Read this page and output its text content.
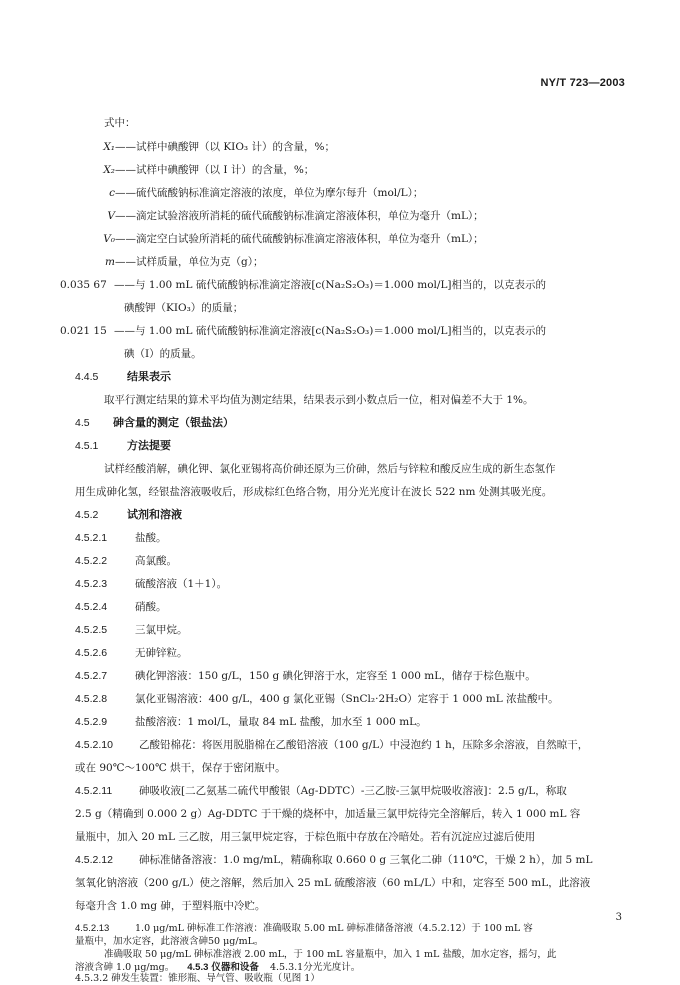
NY/T 723—2003
式中：
X₁——试样中碘酸钾（以 KIO₃ 计）的含量，%；
X₂——试样中碘酸钾（以 I 计）的含量，%；
c——硫代硫酸钠标准滴定溶液的浓度，单位为摩尔每升（mol/L）；
V——滴定试验溶液所消耗的硫代硫酸钠标准滴定溶液体积，单位为毫升（mL）；
V₀——滴定空白试验所消耗的硫代硫酸钠标准滴定溶液体积，单位为毫升（mL）；
m——试样质量，单位为克（g）；
0.035 67 ——与 1.00 mL 硫代硫酸钠标准滴定溶液[c(Na₂S₂O₃)＝1.000 mol/L]相当的，以克表示的
碘酸钾（KIO₃）的质量；
0.021 15 ——与 1.00 mL 硫代硫酸钠标准滴定溶液[c(Na₂S₂O₃)＝1.000 mol/L]相当的，以克表示的
碘（I）的质量。
4.4.5	结果表示
取平行测定结果的算术平均值为测定结果，结果表示到小数点后一位，相对偏差不大于 1%。
4.5 砷含量的测定（银盐法）
4.5.1	方法提要
试样经酸消解，碘化钾、氯化亚锡将高价砷还原为三价砷，然后与锌粒和酸反应生成的新生态氢作
用生成砷化氢，经银盐溶液吸收后，形成棕红色络合物，用分光光度计在波长 522 nm 处测其吸光度。
4.5.2	试剂和溶液
4.5.2.1	盐酸。
4.5.2.2	高氯酸。
4.5.2.3	硫酸溶液（1＋1）。
4.5.2.4	硝酸。
4.5.2.5	三氯甲烷。
4.5.2.6	无砷锌粒。
4.5.2.7	碘化钾溶液：150 g/L，150 g 碘化钾溶于水，定容至 1 000 mL，储存于棕色瓶中。
4.5.2.8	氯化亚锡溶液：400 g/L，400 g 氯化亚锡（SnCl₂·2H₂O）定容于 1 000 mL 浓盐酸中。
4.5.2.9	盐酸溶液：1 mol/L，量取 84 mL 盐酸，加水至 1 000 mL。
4.5.2.10 乙酸铅棉花：将医用脱脂棉在乙酸铅溶液（100 g/L）中浸泡约 1 h，压除多余溶液，自然晾干，
或在 90℃～100℃ 烘干，保存于密闭瓶中。
4.5.2.11	砷吸收液[二乙氨基二硫代甲酸银（Ag-DDTC）-三乙胺-三氯甲烷吸收溶液]：2.5 g/L，称取
2.5 g（精确到 0.000 2 g）Ag-DDTC 于干燥的烧杯中，加适量三氯甲烷待完全溶解后，转入 1 000 mL 容
量瓶中，加入 20 mL 三乙胺，用三氯甲烷定容，于棕色瓶中存放在冷暗处。若有沉淀应过滤后使用
4.5.2.12 砷标准储备溶液：1.0 mg/mL，精确称取 0.660 0 g 三氧化二砷（110℃，干燥 2 h），加 5 mL
氢氧化钠溶液（200 g/L）使之溶解，然后加入 25 mL 硫酸溶液（60 mL/L）中和，定容至 500 mL，此溶液
每毫升含 1.0 mg 砷，于塑料瓶中冷贮。
4.5.2.13	1.0 μg/mL 砷标准工作溶液：准确吸取 5.00 mL 砷标准储备溶液（4.5.2.12）于 100 mL 容
量瓶中，加水定容，此溶液含砷50 μg/mL。
准确吸取 50 μg/mL 砷标准溶液 2.00 mL，于 100 mL 容量瓶中，加入 1 mL 盐酸，加水定容，摇匀，此
溶液含砷 1.0 μg/mg。 4.5.3 仪器和设备 4.5.3.1分光光度计。
4.5.3.2 砷发生装置：锥形瓶、导气管、吸收瓶（见图 1）
3
